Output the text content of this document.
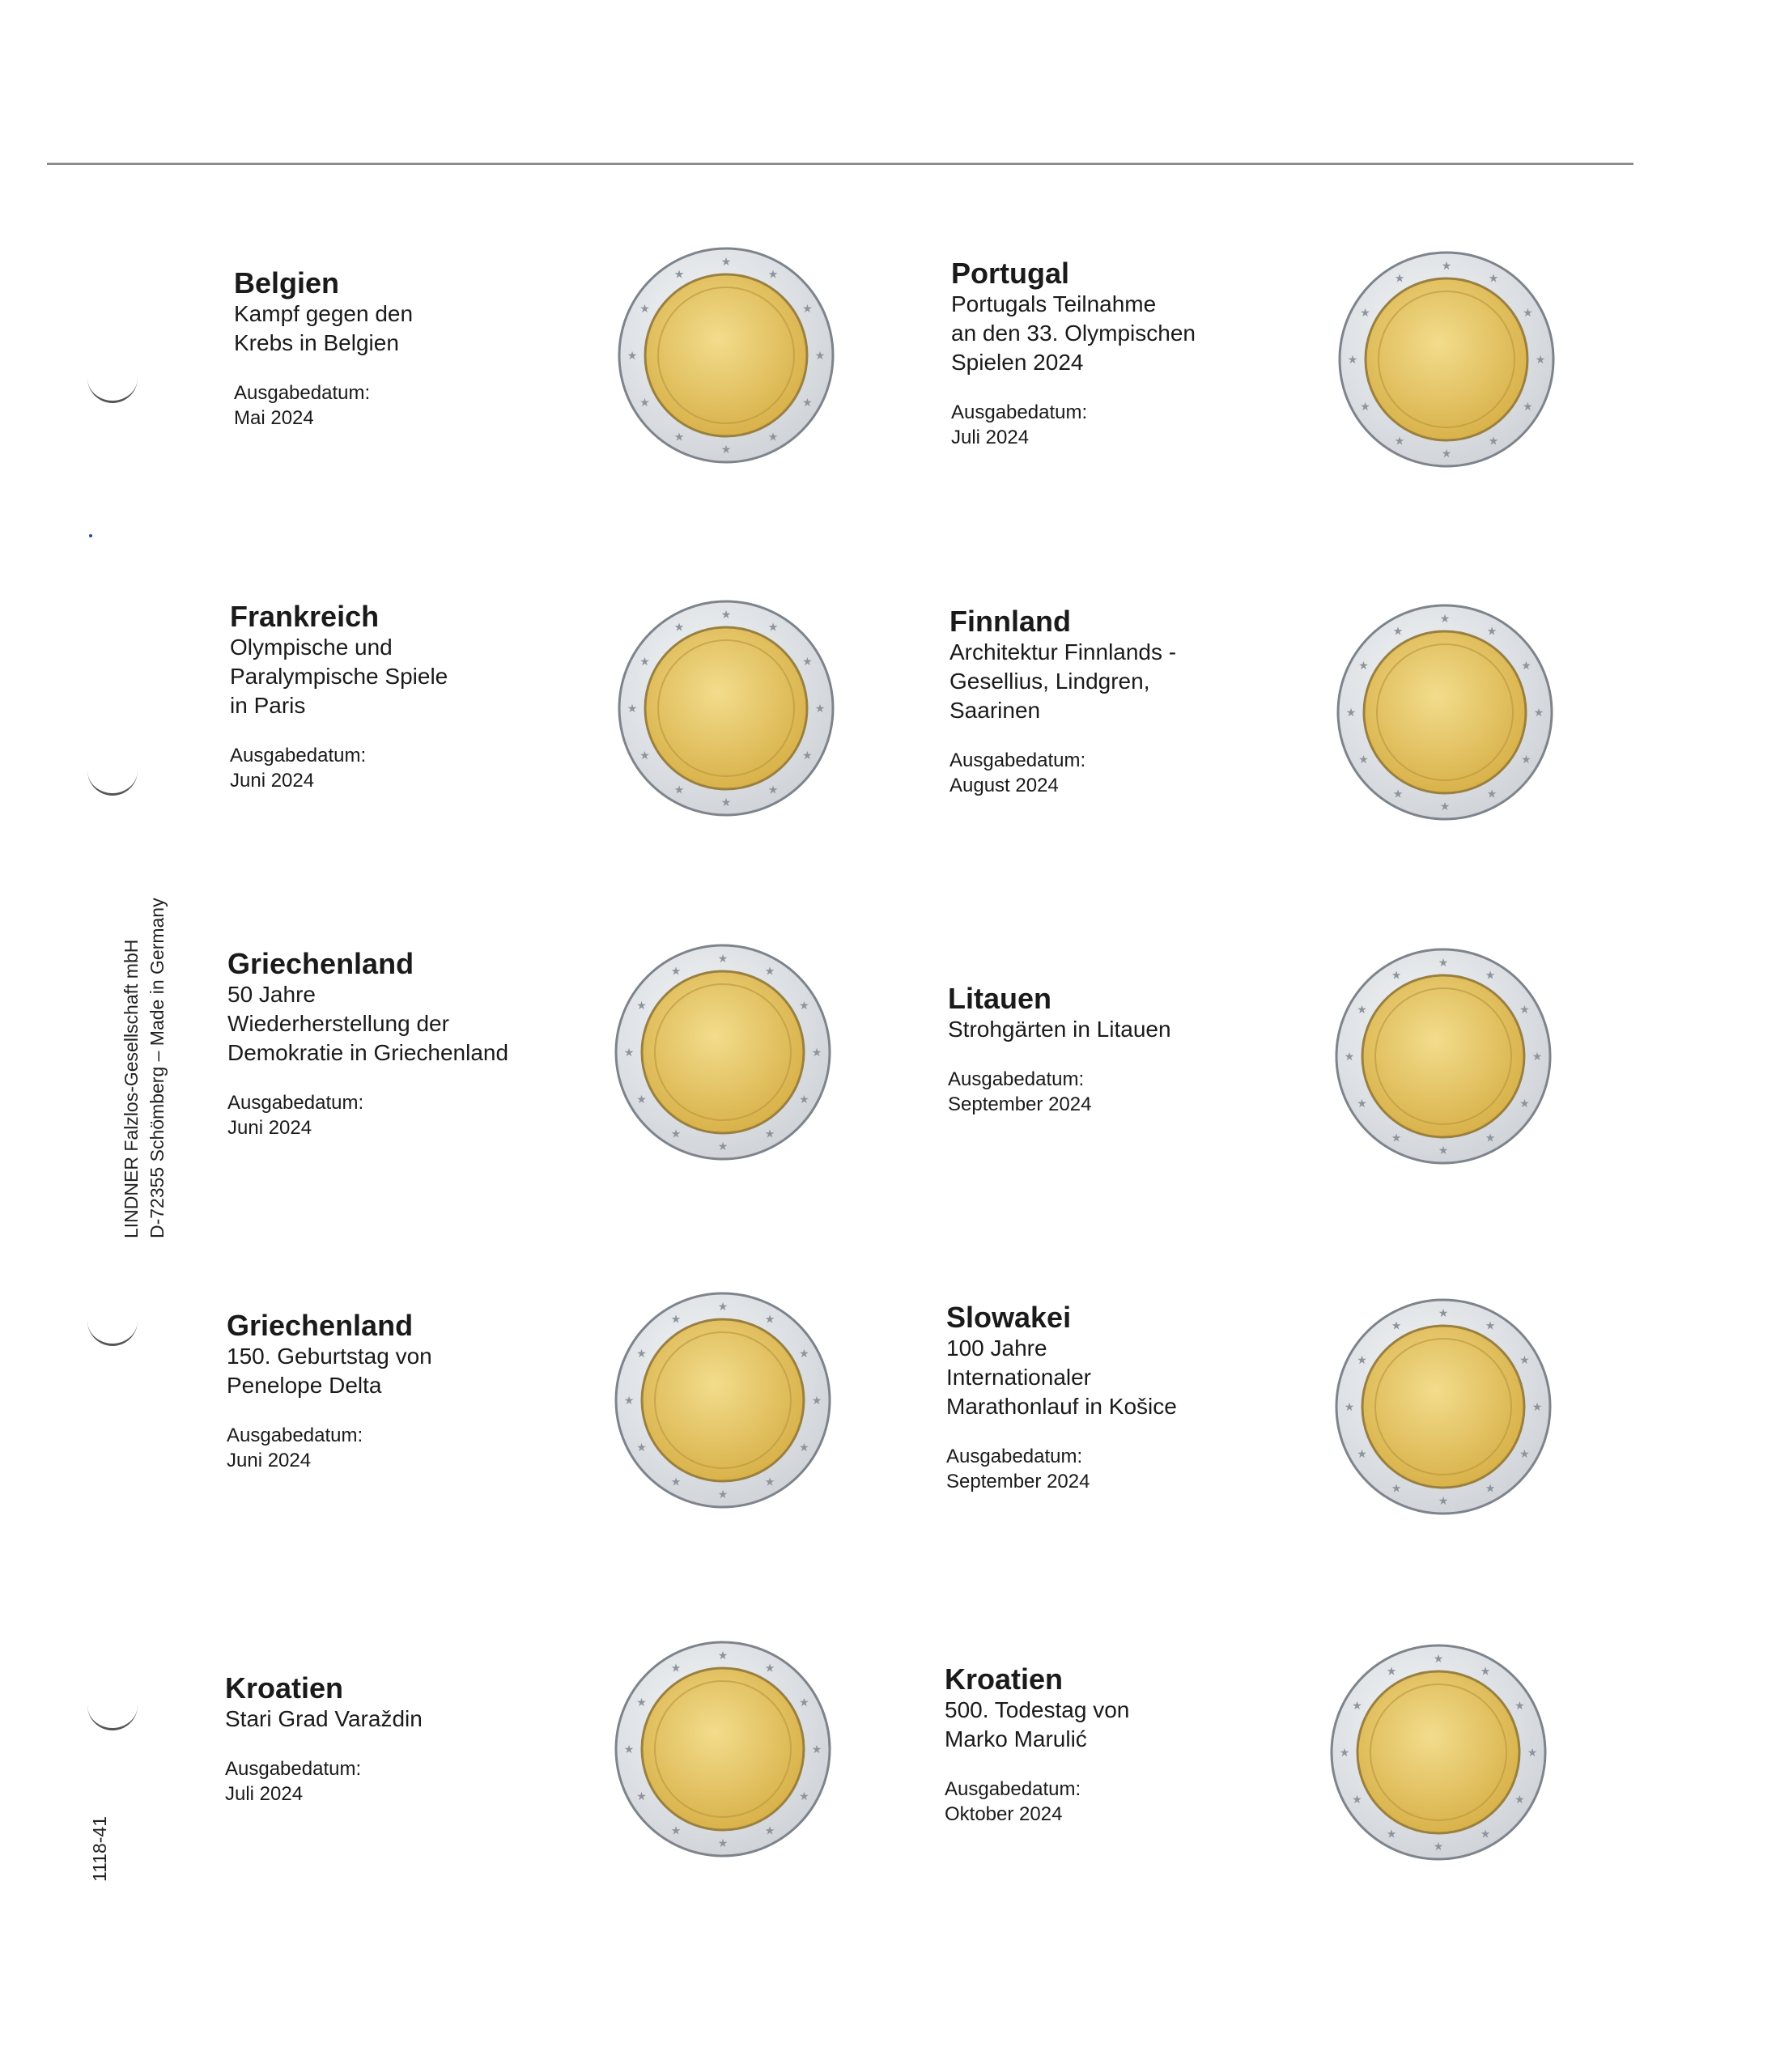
LINDNER Falzlos-Gesellschaft mbH D-72355 Schömberg – Made in Germany
1118-41
Belgien
Kampf gegen den
Krebs in Belgien
Ausgabedatum:
Mai 2024
★
★
★
★
★
★
★
★
★
★
★
★
Portugal
Portugals Teilnahme
an den 33. Olympischen
Spielen 2024
Ausgabedatum:
Juli 2024
★
★
★
★
★
★
★
★
★
★
★
★
Frankreich
Olympische und
Paralympische Spiele
in Paris
Ausgabedatum:
Juni 2024
★
★
★
★
★
★
★
★
★
★
★
★
Finnland
Architektur Finnlands -
Gesellius, Lindgren,
Saarinen
Ausgabedatum:
August 2024
★
★
★
★
★
★
★
★
★
★
★
★
Griechenland
50 Jahre
Wiederherstellung der
Demokratie in Griechenland
Ausgabedatum:
Juni 2024
★
★
★
★
★
★
★
★
★
★
★
★	Litauen
Strohgärten in Litauen
Ausgabedatum:
September 2024
★
★
★
★
★
★
★
★
★
★
★
★
Griechenland
150. Geburtstag von
Penelope Delta
Ausgabedatum:
Juni 2024
★
★
★
★
★
★
★
★
★
★
★
★
Slowakei
100 Jahre
Internationaler
Marathonlauf in Košice
Ausgabedatum:
September 2024
★
★
★
★
★
★
★
★
★
★
★
★
Kroatien
Stari Grad Varaždin
Ausgabedatum:
Juli 2024
★
★
★
★
★
★
★
★
★
★
★
★
Kroatien
500. Todestag von
Marko Marulić
Ausgabedatum:
Oktober 2024
★
★
★
★
★
★
★
★
★
★
★
★
